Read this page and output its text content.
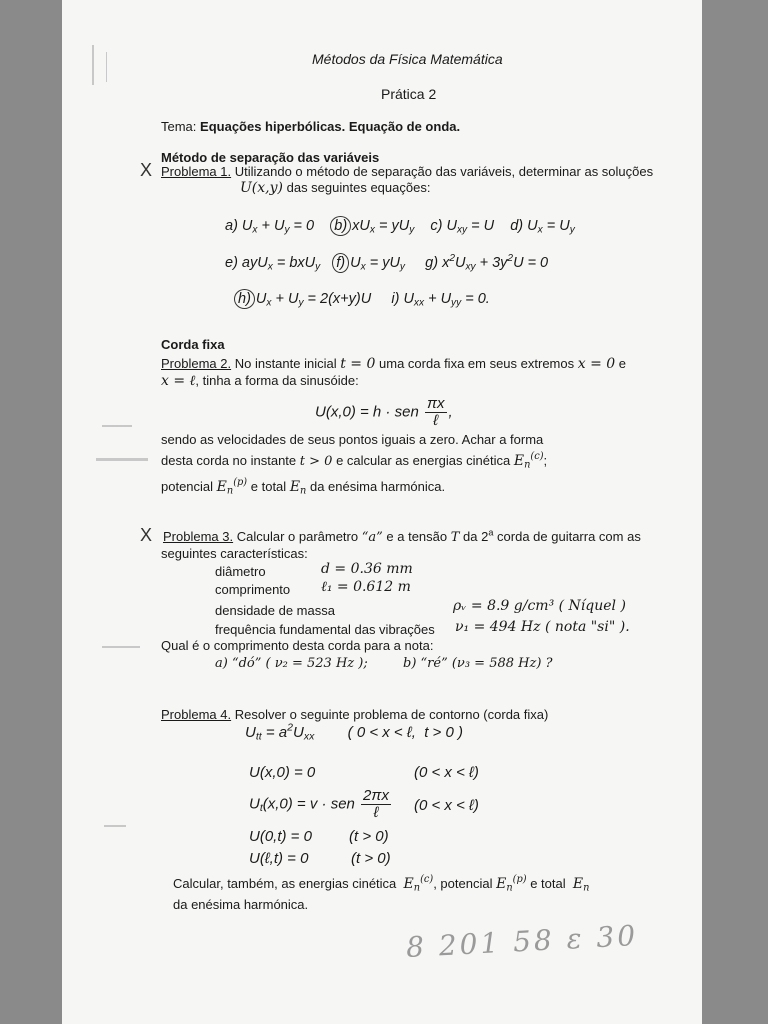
Métodos da Física Matemática
Prática 2
Tema: Equações hiperbólicas. Equação de onda.
Método de separação das variáveis
X Problema 1. Utilizando o método de separação das variáveis, determinar as soluções
U(x,y) das seguintes equações:
a) $U_x + U_y = 0$    b) $xU_x = yU_y$ c) $U_{xy} = U$    d) $U_x = U_y$
e) ayU$_x$ = bxU$_y$ f) $U_x = yU_y$ g) $x^2U_{xy} + 3y^2U = 0$
h) $U_x + U_y = 2(x+y)U$     i) $U_{xx} + U_{yy} = 0$.
Corda fixa
Problema 2. No instante inicial t = 0 uma corda fixa em seus extremos x = 0 e
x = ℓ, tinha a forma da sinusóide:
U(x,0) = h · sen $\frac{\pi x}{\text{ℓ}}$ ,
sendo as velocidades de seus pontos iguais a zero. Achar a forma
desta corda no instante t > 0 e calcular as energias cinética $E_n^{(c)}$;
potencial $E_n^{(p)}$ e total $E_n$ da enésima harmónica.
X Problema 3. Calcular o parâmetro “a” e a tensão T da 2$^a$ corda de guitarra com as
seguintes características:
diâmetro	d = 0.36 mm
comprimento ℓ₁ = 0.612 m
densidade de massa	ρᵥ = 8.9 g/cm³ ( Níquel )
frequência fundamental das vibrações ν₁ = 494 Hz ( nota "si" ).
Qual é o comprimento desta corda para a nota:
a) “dó” ( ν₂ = 523 Hz );	b) “ré” (ν₃ = 588 Hz) ?
Problema 4. Resolver o seguinte problema de contorno (corda fixa)
$U_{tt} = a^2U_{xx}$        ( 0 < x < ℓ,  t > 0 )
U(x,0) = 0	(0 < x < ℓ)
$U_t(x,0) = v$ · sen $\frac{2\pi x}{\text{ℓ}} (0 < x$ < ℓ)
U(0,t) = 0 (t > 0)
U(ℓ,t) = 0	(t > 0)
Calcular, também, as energias cinética $E_n^{(c)}$, potencial $E_n^{(p)}$ e total $E_n$
da enésima harmónica.
8 201 58 ε 30
